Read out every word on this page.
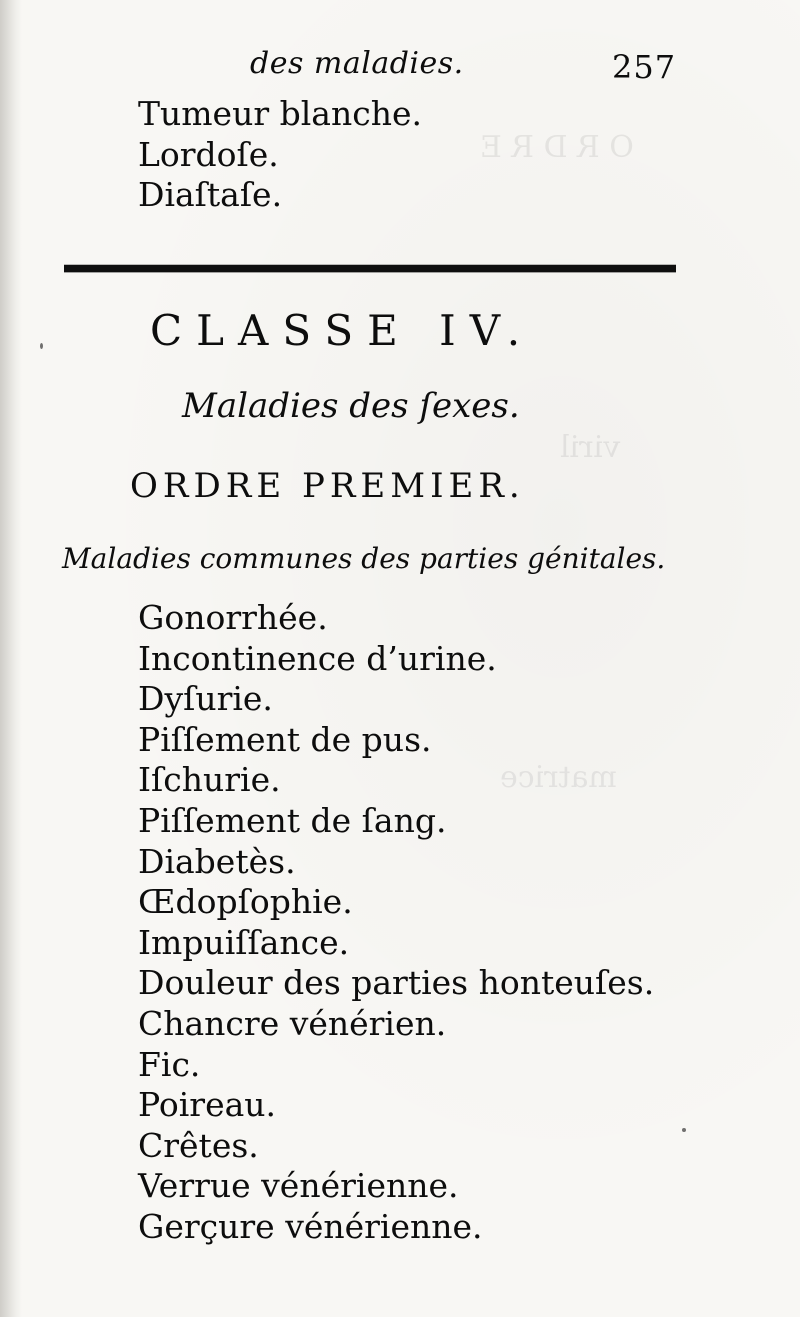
O R D R E
viril
matrice
des maladies.	257
Tumeur blanche.
Lordoſe.
Diaſtaſe.
CLASSE IV.
Maladies des ſexes.
ORDRE PREMIER.
Maladies communes des parties génitales.
Gonorrhée.
Incontinence d’urine.
Dyſurie.
Piſſement de pus.
Iſchurie.
Piſſement de ſang.
Diabetès.
Œdopſophie.
Impuiſſance.
Douleur des parties honteuſes.
Chancre vénérien.
Fic.
Poireau.
Crêtes.
Verrue vénérienne.
Gerçure vénérienne.
